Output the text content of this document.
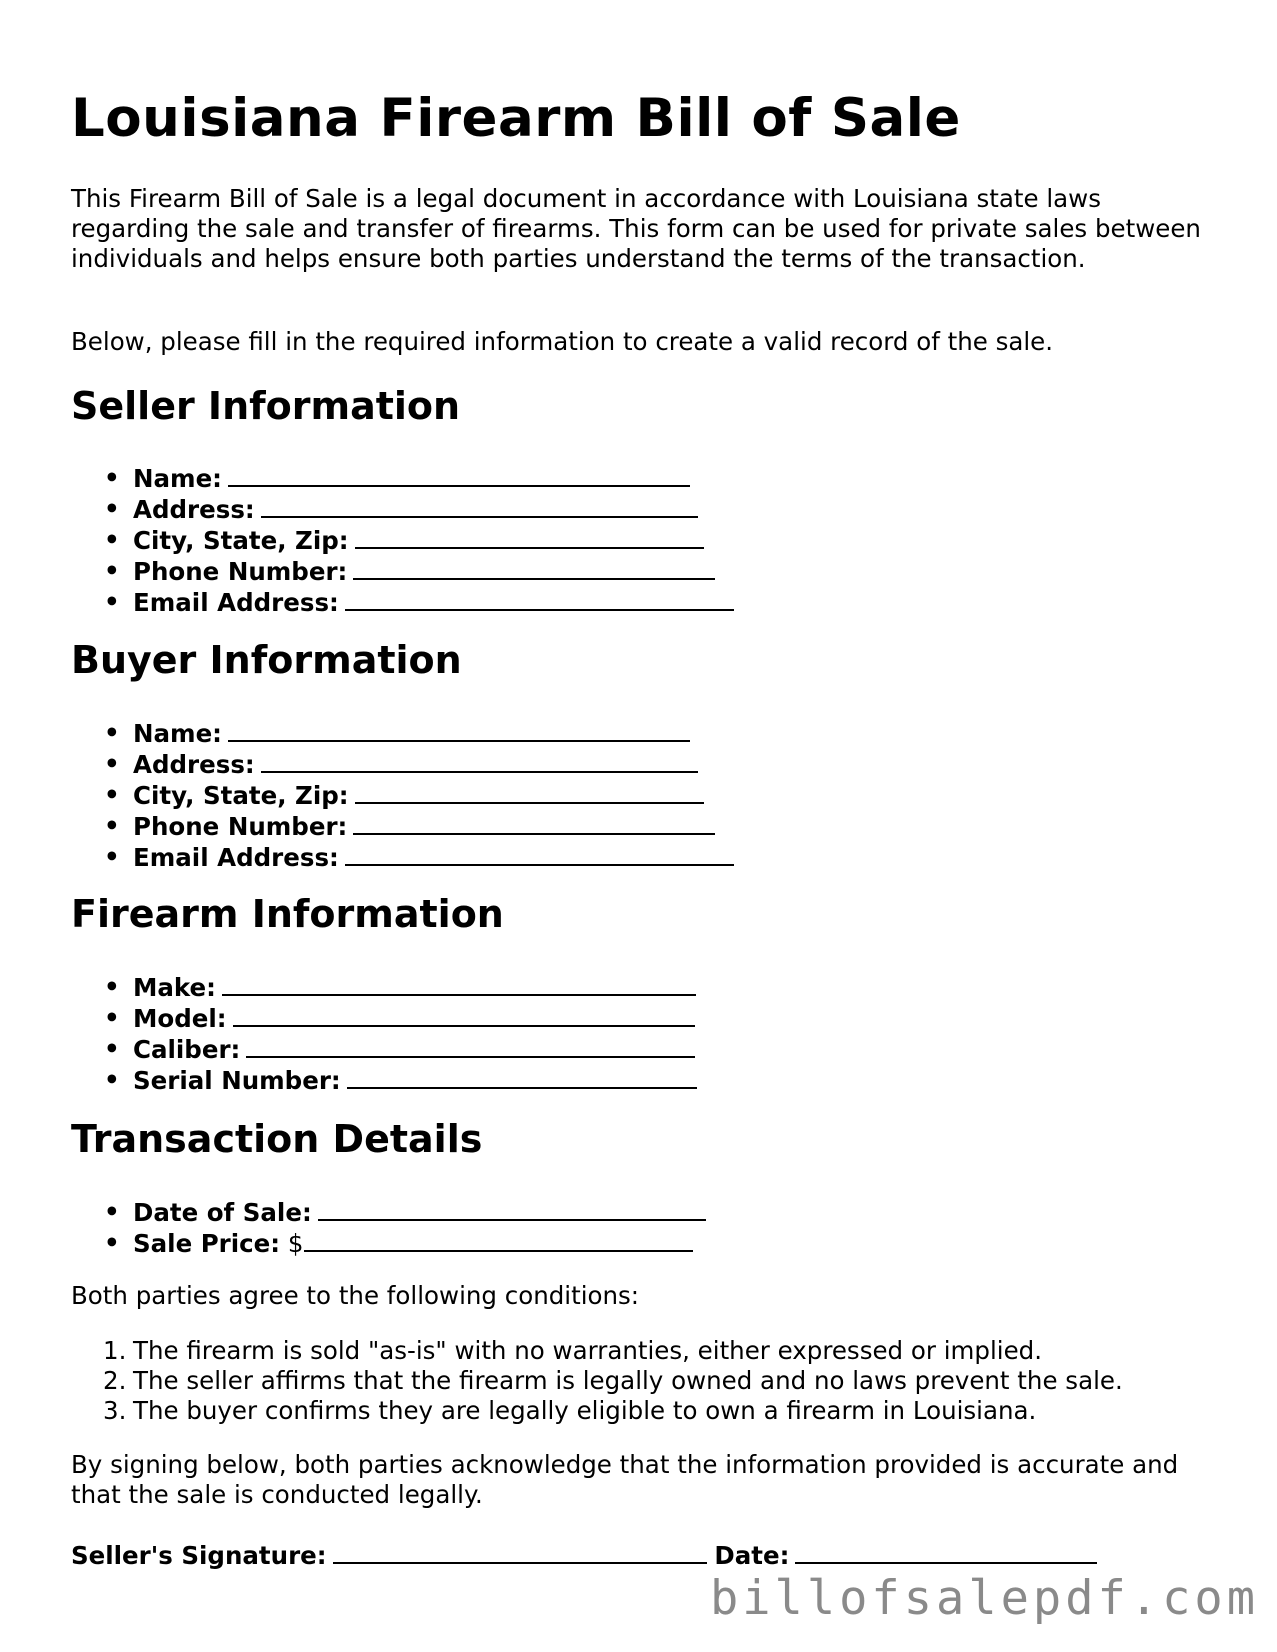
Louisiana Firearm Bill of Sale

This Firearm Bill of Sale is a legal document in accordance with Louisiana state laws regarding the sale and transfer of firearms. This form can be used for private sales between individuals and helps ensure both parties understand the terms of the transaction.

Below, please fill in the required information to create a valid record of the sale.

Seller Information
• Name:
• Address:
• City, State, Zip:
• Phone Number:
• Email Address:
Buyer Information
• Name:
• Address:
• City, State, Zip:
• Phone Number:
• Email Address:
Firearm Information
• Make:
• Model:
• Caliber:
• Serial Number:
Transaction Details
• Date of Sale:
• Sale Price: $

Both parties agree to the following conditions:

1. The firearm is sold "as-is" with no warranties, either expressed or implied.
2. The seller affirms that the firearm is legally owned and no laws prevent the sale.
3. The buyer confirms they are legally eligible to own a firearm in Louisiana.

By signing below, both parties acknowledge that the information provided is accurate and that the sale is conducted legally.

Seller's Signature:	Date:
billofsalepdf.com
